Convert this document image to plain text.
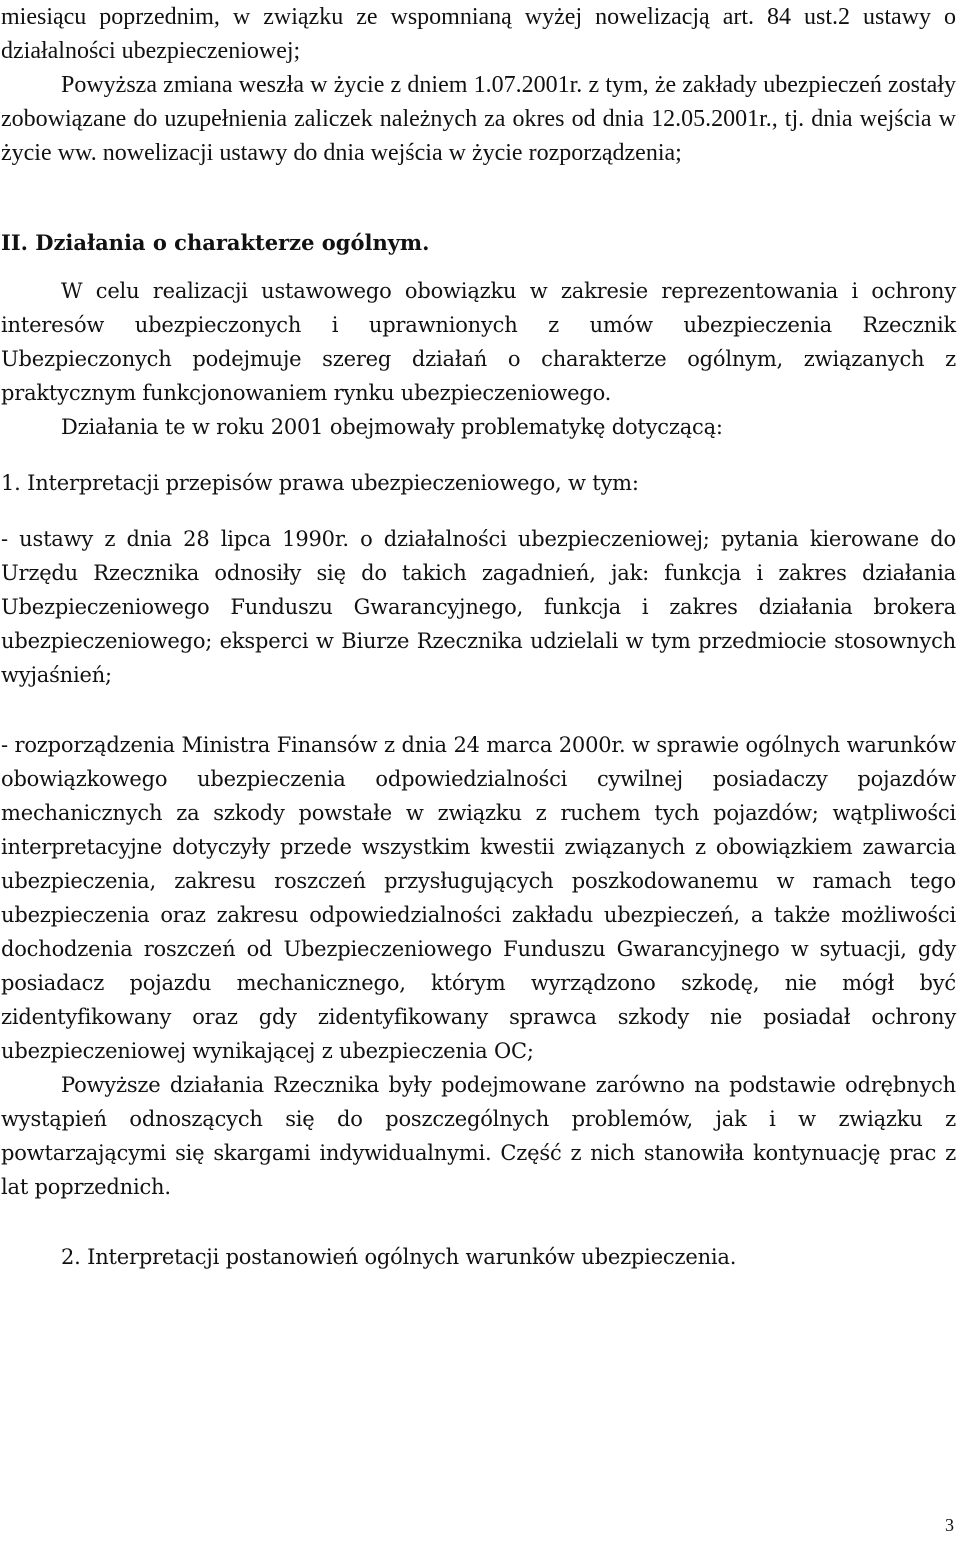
miesiącu poprzednim, w związku ze wspomnianą wyżej nowelizacją art. 84 ust.2 ustawy o działalności ubezpieczeniowej;

Powyższa zmiana weszła w życie z dniem 1.07.2001r. z tym, że zakłady ubezpieczeń zostały zobowiązane do uzupełnienia zaliczek należnych za okres od dnia 12.05.2001r., tj. dnia wejścia w życie ww. nowelizacji ustawy do dnia wejścia w życie rozporządzenia;

II. Działania o charakterze ogólnym.

W celu realizacji ustawowego obowiązku w zakresie reprezentowania i ochrony interesów ubezpieczonych i uprawnionych z umów ubezpieczenia Rzecznik Ubezpieczonych podejmuje szereg działań o charakterze ogólnym, związanych z praktycznym funkcjonowaniem rynku ubezpieczeniowego.

Działania te w roku 2001 obejmowały problematykę dotyczącą:

1. Interpretacji przepisów prawa ubezpieczeniowego, w tym:

- ustawy z dnia 28 lipca 1990r. o działalności ubezpieczeniowej; pytania kierowane do Urzędu Rzecznika odnosiły się do takich zagadnień, jak: funkcja i zakres działania Ubezpieczeniowego Funduszu Gwarancyjnego, funkcja i zakres działania brokera ubezpieczeniowego; eksperci w Biurze Rzecznika udzielali w tym przedmiocie stosownych wyjaśnień;

- rozporządzenia Ministra Finansów z dnia 24 marca 2000r. w sprawie ogólnych warunków obowiązkowego ubezpieczenia odpowiedzialności cywilnej posiadaczy pojazdów mechanicznych za szkody powstałe w związku z ruchem tych pojazdów; wątpliwości interpretacyjne dotyczyły przede wszystkim kwestii związanych z obowiązkiem zawarcia ubezpieczenia, zakresu roszczeń przysługujących poszkodowanemu w ramach tego ubezpieczenia oraz zakresu odpowiedzialności zakładu ubezpieczeń, a także możliwości dochodzenia roszczeń od Ubezpieczeniowego Funduszu Gwarancyjnego w sytuacji, gdy posiadacz pojazdu mechanicznego, którym wyrządzono szkodę, nie mógł być zidentyfikowany oraz gdy zidentyfikowany sprawca szkody nie posiadał ochrony ubezpieczeniowej wynikającej z ubezpieczenia OC;

Powyższe działania Rzecznika były podejmowane zarówno na podstawie odrębnych wystąpień odnoszących się do poszczególnych problemów, jak i w związku z powtarzającymi się skargami indywidualnymi. Część z nich stanowiła kontynuację prac z lat poprzednich.

2. Interpretacji postanowień ogólnych warunków ubezpieczenia.

3
